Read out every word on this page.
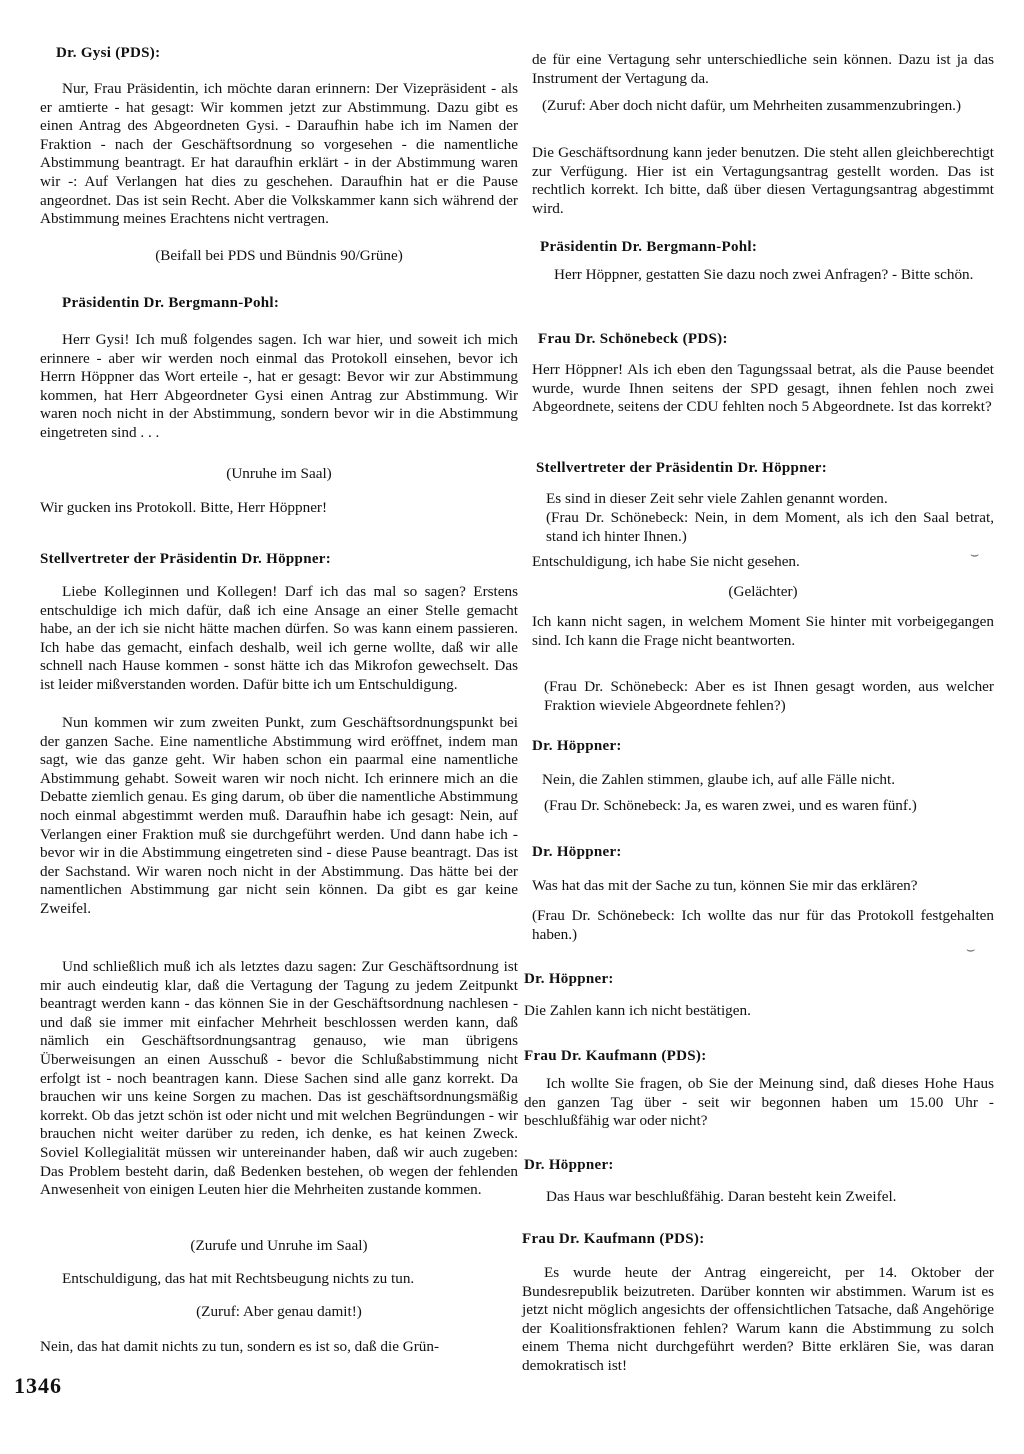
Dr. Gysi (PDS):

Nur, Frau Präsidentin, ich möchte daran erinnern: Der Vizepräsident - als er amtierte - hat gesagt: Wir kommen jetzt zur Abstimmung. Dazu gibt es einen Antrag des Abgeordneten Gysi. - Daraufhin habe ich im Namen der Fraktion - nach der Geschäftsordnung so vorgesehen - die namentliche Abstimmung beantragt. Er hat daraufhin erklärt - in der Abstimmung waren wir -: Auf Verlangen hat dies zu geschehen. Daraufhin hat er die Pause angeordnet. Das ist sein Recht. Aber die Volkskammer kann sich während der Abstimmung meines Erachtens nicht vertragen.

(Beifall bei PDS und Bündnis 90/Grüne)
Präsidentin Dr. Bergmann-Pohl:

Herr Gysi! Ich muß folgendes sagen. Ich war hier, und soweit ich mich erinnere - aber wir werden noch einmal das Protokoll einsehen, bevor ich Herrn Höppner das Wort erteile -, hat er gesagt: Bevor wir zur Abstimmung kommen, hat Herr Abgeordneter Gysi einen Antrag zur Abstimmung. Wir waren noch nicht in der Abstimmung, sondern bevor wir in die Abstimmung eingetreten sind . . .

(Unruhe im Saal)

Wir gucken ins Protokoll. Bitte, Herr Höppner!

Stellvertreter der Präsidentin Dr. Höppner:

Liebe Kolleginnen und Kollegen! Darf ich das mal so sagen? Erstens entschuldige ich mich dafür, daß ich eine Ansage an einer Stelle gemacht habe, an der ich sie nicht hätte machen dürfen. So was kann einem passieren. Ich habe das gemacht, einfach deshalb, weil ich gerne wollte, daß wir alle schnell nach Hause kommen - sonst hätte ich das Mikrofon gewechselt. Das ist leider mißverstanden worden. Dafür bitte ich um Entschuldigung.

Nun kommen wir zum zweiten Punkt, zum Geschäftsordnungspunkt bei der ganzen Sache. Eine namentliche Abstimmung wird eröffnet, indem man sagt, wie das ganze geht. Wir haben schon ein paarmal eine namentliche Abstimmung gehabt. Soweit waren wir noch nicht. Ich erinnere mich an die Debatte ziemlich genau. Es ging darum, ob über die namentliche Abstimmung noch einmal abgestimmt werden muß. Daraufhin habe ich gesagt: Nein, auf Verlangen einer Fraktion muß sie durchgeführt werden. Und dann habe ich - bevor wir in die Abstimmung eingetreten sind - diese Pause beantragt. Das ist der Sachstand. Wir waren noch nicht in der Abstimmung. Das hätte bei der namentlichen Abstimmung gar nicht sein können. Da gibt es gar keine Zweifel.

Und schließlich muß ich als letztes dazu sagen: Zur Geschäftsordnung ist mir auch eindeutig klar, daß die Vertagung der Tagung zu jedem Zeitpunkt beantragt werden kann - das können Sie in der Geschäftsordnung nachlesen - und daß sie immer mit einfacher Mehrheit beschlossen werden kann, daß nämlich ein Geschäftsordnungsantrag genauso, wie man übrigens Überweisungen an einen Ausschuß - bevor die Schlußabstimmung nicht erfolgt ist - noch beantragen kann. Diese Sachen sind alle ganz korrekt. Da brauchen wir uns keine Sorgen zu machen. Das ist geschäftsordnungsmäßig korrekt. Ob das jetzt schön ist oder nicht und mit welchen Begründungen - wir brauchen nicht weiter darüber zu reden, ich denke, es hat keinen Zweck. Soviel Kollegialität müssen wir untereinander haben, daß wir auch zugeben: Das Problem besteht darin, daß Bedenken bestehen, ob wegen der fehlenden Anwesenheit von einigen Leuten hier die Mehrheiten zustande kommen.

(Zurufe und Unruhe im Saal)

Entschuldigung, das hat mit Rechtsbeugung nichts zu tun.

(Zuruf: Aber genau damit!)

Nein, das hat damit nichts zu tun, sondern es ist so, daß die Grün-

de für eine Vertagung sehr unterschiedliche sein können. Dazu ist ja das Instrument der Vertagung da.

(Zuruf: Aber doch nicht dafür, um Mehrheiten zusammenzubringen.)

Die Geschäftsordnung kann jeder benutzen. Die steht allen gleichberechtigt zur Verfügung. Hier ist ein Vertagungsantrag gestellt worden. Das ist rechtlich korrekt. Ich bitte, daß über diesen Vertagungsantrag abgestimmt wird.

Präsidentin Dr. Bergmann-Pohl:

Herr Höppner, gestatten Sie dazu noch zwei Anfragen? - Bitte schön.

Frau Dr. Schönebeck (PDS):

Herr Höppner! Als ich eben den Tagungssaal betrat, als die Pause beendet wurde, wurde Ihnen seitens der SPD gesagt, ihnen fehlen noch zwei Abgeordnete, seitens der CDU fehlten noch 5 Abgeordnete. Ist das korrekt?

Stellvertreter der Präsidentin Dr. Höppner:

Es sind in dieser Zeit sehr viele Zahlen genannt worden.

(Frau Dr. Schönebeck: Nein, in dem Moment, als ich den Saal betrat, stand ich hinter Ihnen.)

Entschuldigung, ich habe Sie nicht gesehen.

(Gelächter)

Ich kann nicht sagen, in welchem Moment Sie hinter mit vorbeigegangen sind. Ich kann die Frage nicht beantworten.

(Frau Dr. Schönebeck: Aber es ist Ihnen gesagt worden, aus welcher Fraktion wieviele Abgeordnete fehlen?)
Dr. Höppner:

Nein, die Zahlen stimmen, glaube ich, auf alle Fälle nicht.

(Frau Dr. Schönebeck: Ja, es waren zwei, und es waren fünf.)
Dr. Höppner:

Was hat das mit der Sache zu tun, können Sie mir das erklären?

(Frau Dr. Schönebeck: Ich wollte das nur für das Protokoll festgehalten haben.)
Dr. Höppner:

Die Zahlen kann ich nicht bestätigen.

Frau Dr. Kaufmann (PDS):

Ich wollte Sie fragen, ob Sie der Meinung sind, daß dieses Hohe Haus den ganzen Tag über - seit wir begonnen haben um 15.00 Uhr - beschlußfähig war oder nicht?

Dr. Höppner:

Das Haus war beschlußfähig. Daran besteht kein Zweifel.

Frau Dr. Kaufmann (PDS):

Es wurde heute der Antrag eingereicht, per 14. Oktober der Bundesrepublik beizutreten. Darüber konnten wir abstimmen. Warum ist es jetzt nicht möglich angesichts der offensichtlichen Tatsache, daß Angehörige der Koalitionsfraktionen fehlen? Warum kann die Abstimmung zu solch einem Thema nicht durchgeführt werden? Bitte erklären Sie, was daran demokratisch ist!

⌣
⌣
1346
